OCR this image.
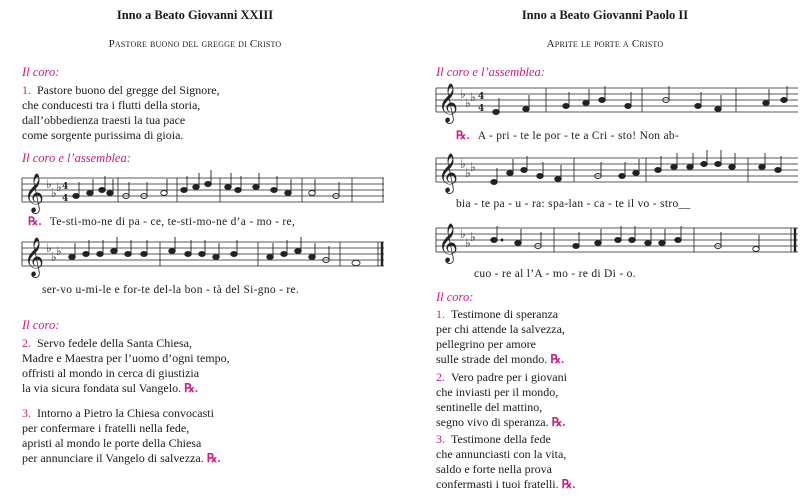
Inno a Beato Giovanni XXIII
Pastore buono del gregge di Cristo
Il coro:
1. Pastore buono del gregge del Signore,
che conducesti tra i flutti della storia,
dall’obbedienza traesti la tua pace
come sorgente purissima di gioia.
Il coro e l’assemblea:
𝄞 ♭
♭ ♭ 4
4
℞. Te-sti-mo-ne di pa - ce, te-sti-mo-ne d’a - mo - re,
𝄞 ♭
♭ ♭
ser-vo u-mi-le e for-te del-la bon - tà del Si-gno - re.
Il coro:
2. Servo fedele della Santa Chiesa,
Madre e Maestra per l’uomo d’ogni tempo,
offristi al mondo in cerca di giustizia
la via sicura fondata sul Vangelo. ℞.
3. Intorno a Pietro la Chiesa convocasti
per confermare i fratelli nella fede,
apristi al mondo le porte della Chiesa
per annunciare il Vangelo di salvezza. ℞.
Inno a Beato Giovanni Paolo II
Aprite le porte a Cristo
Il coro e l’assemblea:
𝄞 ♭
♭ ♭ 4
4
℞. A - pri - te le por - te a Cri - sto! Non ab-
𝄞 ♭
♭ ♭
bia - te pa - u - ra: spa-lan - ca - te il vo - stro__
𝄞 ♭
♭ ♭
cuo - re al l’A - mo - re di Di - o.
Il coro:
1. Testimone di speranza
per chi attende la salvezza,
pellegrino per amore
sulle strade del mondo. ℞.
2. Vero padre per i giovani
che inviasti per il mondo,
sentinelle del mattino,
segno vivo di speranza. ℞.
3. Testimone della fede
che annunciasti con la vita,
saldo e forte nella prova
confermasti i tuoi fratelli. ℞.
